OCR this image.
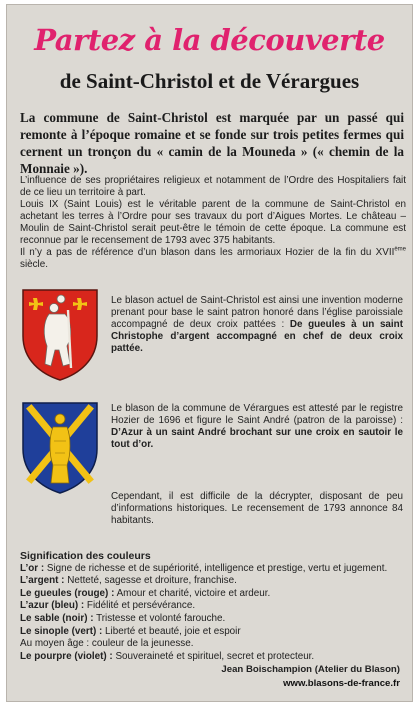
Partez à la découverte
de Saint-Christol et de Vérargues
La commune de Saint-Christol est marquée par un passé qui remonte à l’époque romaine et se fonde sur trois petites fermes qui cernent un tronçon du « camin de la Mouneda » (« chemin de la Monnaie »).

L’influence de ses propriétaires religieux et notamment de l’Ordre des Hospitaliers fait de ce lieu un territoire à part.

Louis IX (Saint Louis) est le véritable parent de la commune de Saint-Christol en achetant les terres à l’Ordre pour ses travaux du port d’Aigues Mortes. Le château – Moulin de Saint-Christol serait peut-être le témoin de cette époque. La commune est reconnue par le recensement de 1793 avec 375 habitants.

Il n’y a pas de référence d’un blason dans les armoriaux Hozier de la fin du XVIIème siècle.

Le blason actuel de Saint-Christol est ainsi une invention moderne prenant pour base le saint patron honoré dans l’église paroissiale accompagné de deux croix pattées : De gueules à un saint Christophe d’argent accompagné en chef de deux croix pattée.

Le blason de la commune de Vérargues est attesté par le registre Hozier de 1696 et figure le Saint André (patron de la paroisse) : D’Azur à un saint André brochant sur une croix en sautoir le tout d’or.

Cependant, il est difficile de la décrypter, disposant de peu d’informations historiques. Le recensement de 1793 annonce 84 habitants.

Signification des couleurs
L’or : Signe de richesse et de supériorité, intelligence et prestige, vertu et jugement.
L’argent : Netteté, sagesse et droiture, franchise.
Le gueules (rouge) : Amour et charité, victoire et ardeur.
L’azur (bleu) : Fidélité et persévérance.
Le sable (noir) : Tristesse et volonté farouche.
Le sinople (vert) : Liberté et beauté, joie et espoir
Au moyen âge : couleur de la jeunesse.
Le pourpre (violet) : Souveraineté et spirituel, secret et protecteur.
Jean Boischampion (Atelier du Blason)
www.blasons-de-france.fr
